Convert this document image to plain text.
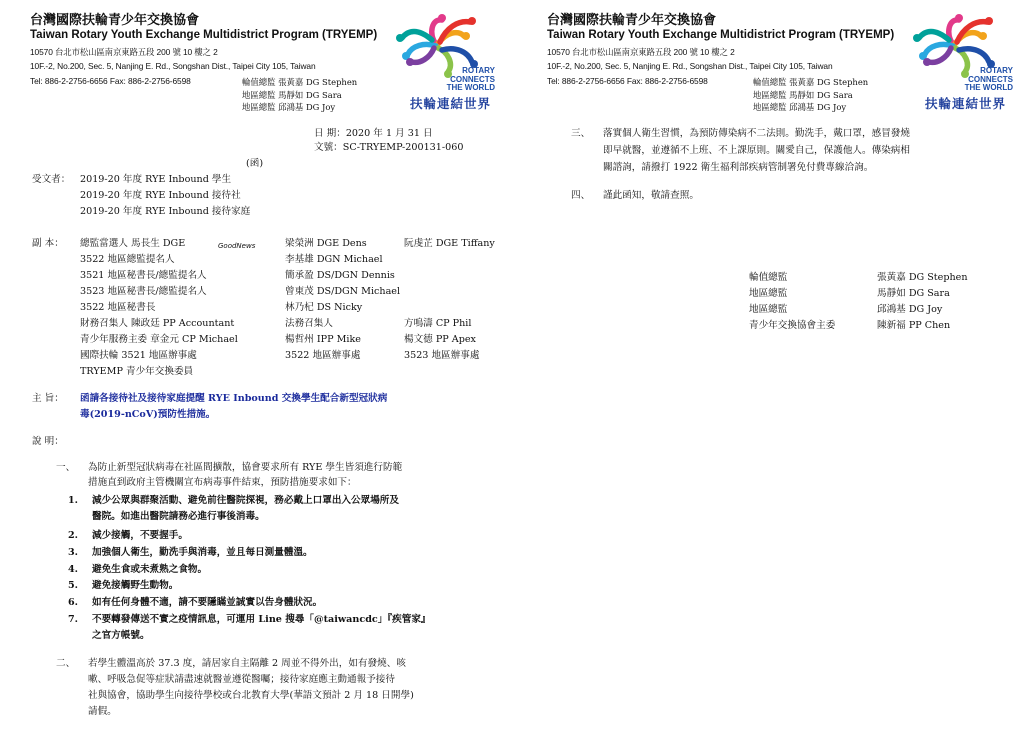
台灣國際扶輪青少年交換協會
Taiwan Rotary Youth Exchange Multidistrict Program (TRYEMP)
10570 台北市松山區南京東路五段 200 號 10 樓之 2
10F.-2, No.200, Sec. 5, Nanjing E. Rd., Songshan Dist., Taipei City 105, Taiwan
Tel: 886-2-2756-6656 Fax: 886-2-2756-6598	輪值總監 張黃嘉 DG Stephen
地區總監 馬靜如 DG Sara
地區總監 邱鴻基 DG Joy
ROTARY
CONNECTS
THE WORLD
扶輪連結世界
日 期：2020 年 1 月 31 日
文號：SC-TRYEMP-200131-060
(函)
受文者： 2019-20 年度 RYE Inbound 學生
2019-20 年度 RYE Inbound 接待社
2019-20 年度 RYE Inbound 接待家庭
副 本： 總監當選人 馬長生 DGE	GoodNews	梁榮洲 DGE Dens	阮虔芷 DGE Tiffany
3522 地區總監提名人	李基雄 DGN Michael
3521 地區秘書長/總監提名人	簡承盈 DS/DGN Dennis
3523 地區秘書長/總監提名人	曾東茂 DS/DGN Michael
3522 地區秘書長	林乃杞 DS Nicky
財務召集人 陳政廷 PP Accountant	法務召集人	方鳴濤 CP Phil
青少年服務主委 章金元 CP Michael	楊哲州 IPP Mike	楊文德 PP Apex
國際扶輪 3521 地區辦事處	3522 地區辦事處	3523 地區辦事處
TRYEMP 青少年交換委員
主 旨： 函請各接待社及接待家庭提醒 RYE Inbound 交換學生配合新型冠狀病
毒(2019-nCoV)預防性措施。
說 明：
一、 為防止新型冠狀病毒在社區間擴散，協會要求所有 RYE 學生皆須進行防範
措施直到政府主管機關宣布病毒事件結束，預防措施要求如下：
1. 減少公眾與群聚活動、避免前往醫院探視，務必戴上口罩出入公眾場所及
醫院。如進出醫院請務必進行事後消毒。
2. 減少接觸，不要握手。
3. 加強個人衛生，勤洗手與消毒，並且每日測量體溫。
4. 避免生食或未煮熟之食物。
5. 避免接觸野生動物。
6. 如有任何身體不適，請不要隱瞞並誠實以告身體狀況。
7. 不要轉發傳送不實之疫情訊息，可運用 Line 搜尋「@taiwancdc」『疾管家』
之官方帳號。
二、 若學生體溫高於 37.3 度，請居家自主隔離 2 周並不得外出，如有發燒、咳
嗽、呼吸急促等症狀請盡速就醫並遵從醫囑；接待家庭應主動通報予接待
社與協會，協助學生向接待學校或台北教育大學(華語文預計 2 月 18 日開學)
請假。
台灣國際扶輪青少年交換協會
Taiwan Rotary Youth Exchange Multidistrict Program (TRYEMP)
10570 台北市松山區南京東路五段 200 號 10 樓之 2
10F.-2, No.200, Sec. 5, Nanjing E. Rd., Songshan Dist., Taipei City 105, Taiwan
Tel: 886-2-2756-6656 Fax: 886-2-2756-6598	輪值總監 張黃嘉 DG Stephen
地區總監 馬靜如 DG Sara
地區總監 邱鴻基 DG Joy
ROTARY
CONNECTS
THE WORLD
扶輪連結世界
三、 落實個人衛生習慣，為預防傳染病不二法則。勤洗手，戴口罩，感冒發燒
即早就醫，並遵循不上班、不上課原則。關愛自己，保護他人。傳染病相
關諮詢，請撥打 1922 衛生福利部疾病管制署免付費專線洽詢。
四、 謹此函知，敬請查照。
輪值總監	張黃嘉 DG Stephen
地區總監	馬靜如 DG Sara
地區總監	邱鴻基 DG Joy
青少年交換協會主委	陳新福 PP Chen
